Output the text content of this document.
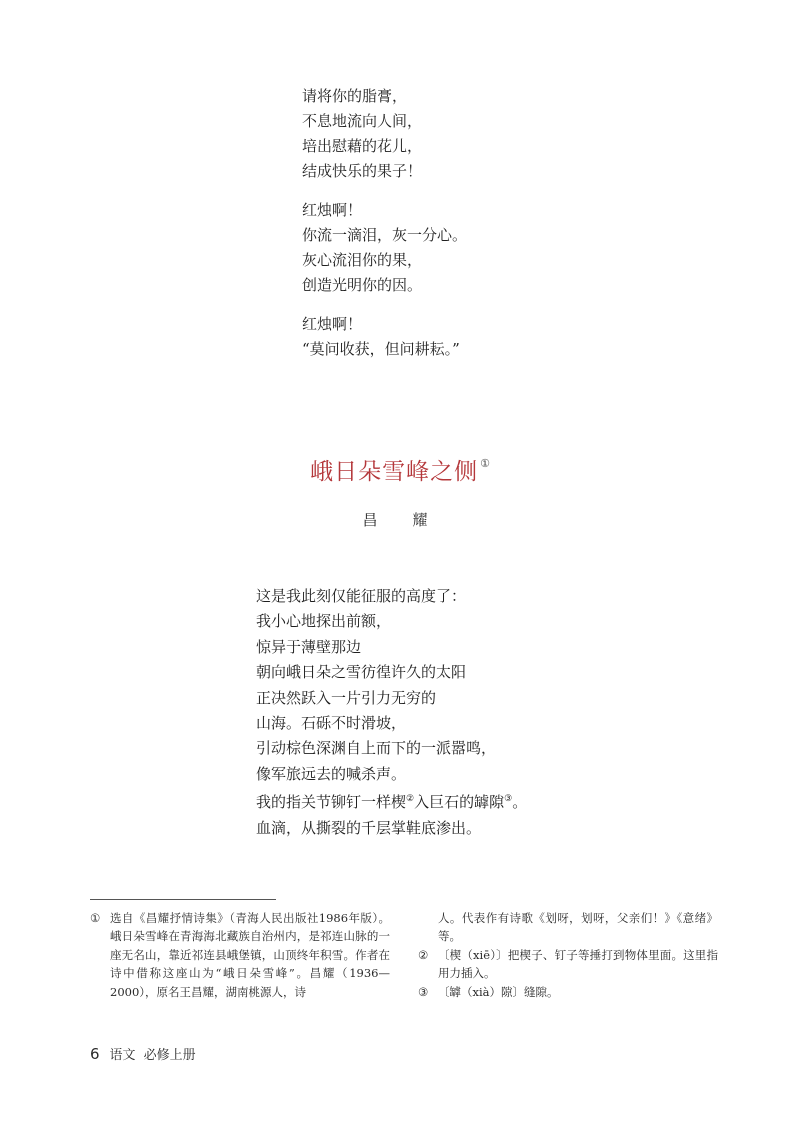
请将你的脂膏，
不息地流向人间，
培出慰藉的花儿，
结成快乐的果子！
红烛啊！
你流一滴泪，灰一分心。
灰心流泪你的果，
创造光明你的因。
红烛啊！
“莫问收获，但问耕耘。”
峨日朵雪峰之侧 ①
昌　耀
这是我此刻仅能征服的高度了：
我小心地探出前额，
惊异于薄壁那边
朝向峨日朵之雪彷徨许久的太阳
正决然跃入一片引力无穷的
山海。石砾不时滑坡，
引动棕色深渊自上而下的一派嚣鸣，
像军旅远去的喊杀声。
我的指关节铆钉一样楔②入巨石的罅隙③。
血滴，从撕裂的千层掌鞋底渗出。
① 选自《昌耀抒情诗集》（青海人民出版社1986年版）。峨日朵雪峰在青海海北藏族自治州内，是祁连山脉的一座无名山，靠近祁连县峨堡镇，山顶终年积雪。作者在诗中借称这座山为“峨日朵雪峰”。昌耀（1936—2000），原名王昌耀，湖南桃源人，诗
人。代表作有诗歌《划呀，划呀，父亲们！》《意绪》等。
② 〔楔（xiē）〕把楔子、钉子等捶打到物体里面。这里指用力插入。
③ 〔罅（xià）隙〕缝隙。
6 语文 必修上册
